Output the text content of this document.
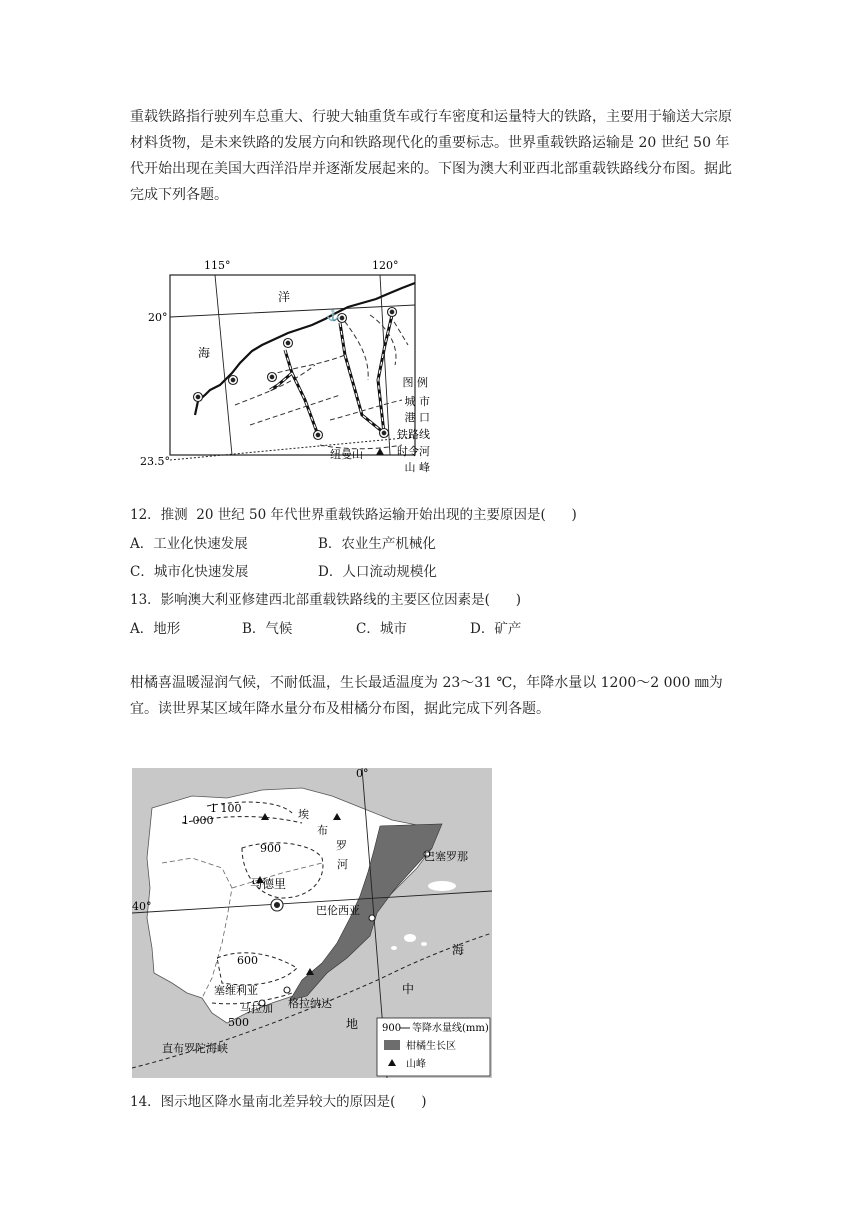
重载铁路指行驶列车总重大、行驶大轴重货车或行车密度和运量特大的铁路，主要用于输送大宗原材料货物，是未来铁路的发展方向和铁路现代化的重要标志。世界重载铁路运输是 20 世纪 50 年代开始出现在美国大西洋沿岸并逐渐发展起来的。下图为澳大利亚西北部重载铁路线分布图。据此完成下列各题。

⚓
115°	120°
20°
23.5°
洋
海
纽曼山
图 例
城 市
港 口
铁路线
时令河
山 峰

12．推测  20 世纪 50 年代世界重载铁路运输开始出现的主要原因是(      )

A．工业化快速发展	B．农业生产机械化
C．城市化快速发展	D．人口流动规模化

13．影响澳大利亚修建西北部重载铁路线的主要区位因素是(      )

A．地形	B．气候	C．城市	D．矿产

柑橘喜温暖湿润气候，不耐低温，生长最适温度为 23～31 ℃，年降水量以 1200～2 000 ㎜为宜。读世界某区域年降水量分布及柑橘分布图，据此完成下列各题。

0°
40°
1 100
1 000
900
600
500
埃
布
罗
河
马德里
巴塞罗那
巴伦西亚
塞维利亚
马拉加 格拉纳达
直布罗陀海峡
海
中
地 900 等降水量线(mm)
柑橘生长区
山峰

14．图示地区降水量南北差异较大的原因是(      )
